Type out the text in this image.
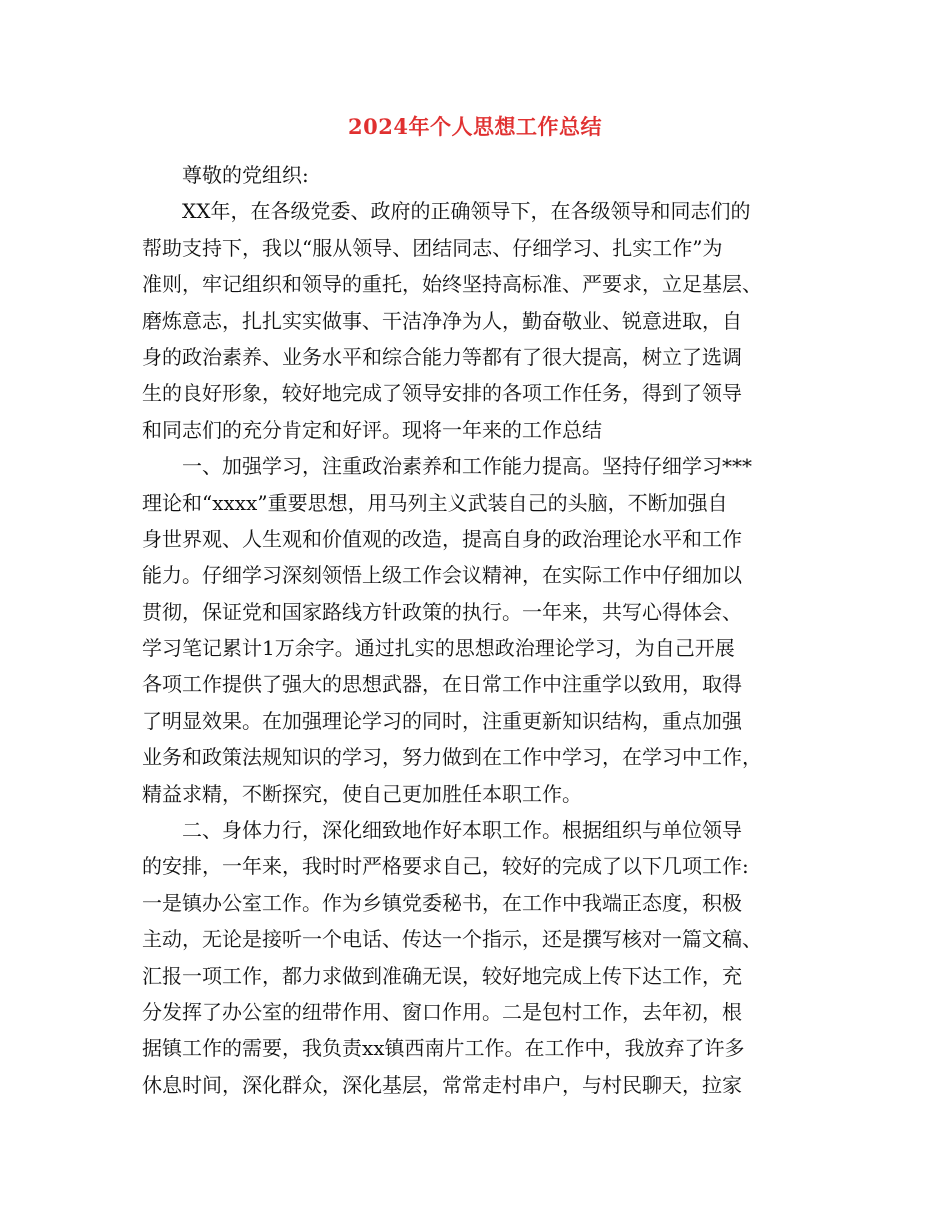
2024年个人思想工作总结
尊敬的党组织:
XX年，在各级党委、政府的正确领导下，在各级领导和同志们的
帮助支持下，我以“服从领导、团结同志、仔细学习、扎实工作”为
准则，牢记组织和领导的重托，始终坚持高标准、严要求，立足基层、
磨炼意志，扎扎实实做事、干洁净净为人，勤奋敬业、锐意进取，自
身的政治素养、业务水平和综合能力等都有了很大提高，树立了选调
生的良好形象，较好地完成了领导安排的各项工作任务，得到了领导
和同志们的充分肯定和好评。现将一年来的工作总结
一、加强学习，注重政治素养和工作能力提高。坚持仔细学习***
理论和“xxxx”重要思想，用马列主义武装自己的头脑，不断加强自
身世界观、人生观和价值观的改造，提高自身的政治理论水平和工作
能力。仔细学习深刻领悟上级工作会议精神，在实际工作中仔细加以
贯彻，保证党和国家路线方针政策的执行。一年来，共写心得体会、
学习笔记累计1万余字。通过扎实的思想政治理论学习，为自己开展
各项工作提供了强大的思想武器，在日常工作中注重学以致用，取得
了明显效果。在加强理论学习的同时，注重更新知识结构，重点加强
业务和政策法规知识的学习，努力做到在工作中学习，在学习中工作，
精益求精，不断探究，使自己更加胜任本职工作。
二、身体力行，深化细致地作好本职工作。根据组织与单位领导
的安排，一年来，我时时严格要求自己，较好的完成了以下几项工作:
一是镇办公室工作。作为乡镇党委秘书，在工作中我端正态度，积极
主动，无论是接听一个电话、传达一个指示，还是撰写核对一篇文稿、
汇报一项工作，都力求做到准确无误，较好地完成上传下达工作，充
分发挥了办公室的纽带作用、窗口作用。二是包村工作，去年初，根
据镇工作的需要，我负责xx镇西南片工作。在工作中，我放弃了许多
休息时间，深化群众，深化基层，常常走村串户，与村民聊天，拉家
